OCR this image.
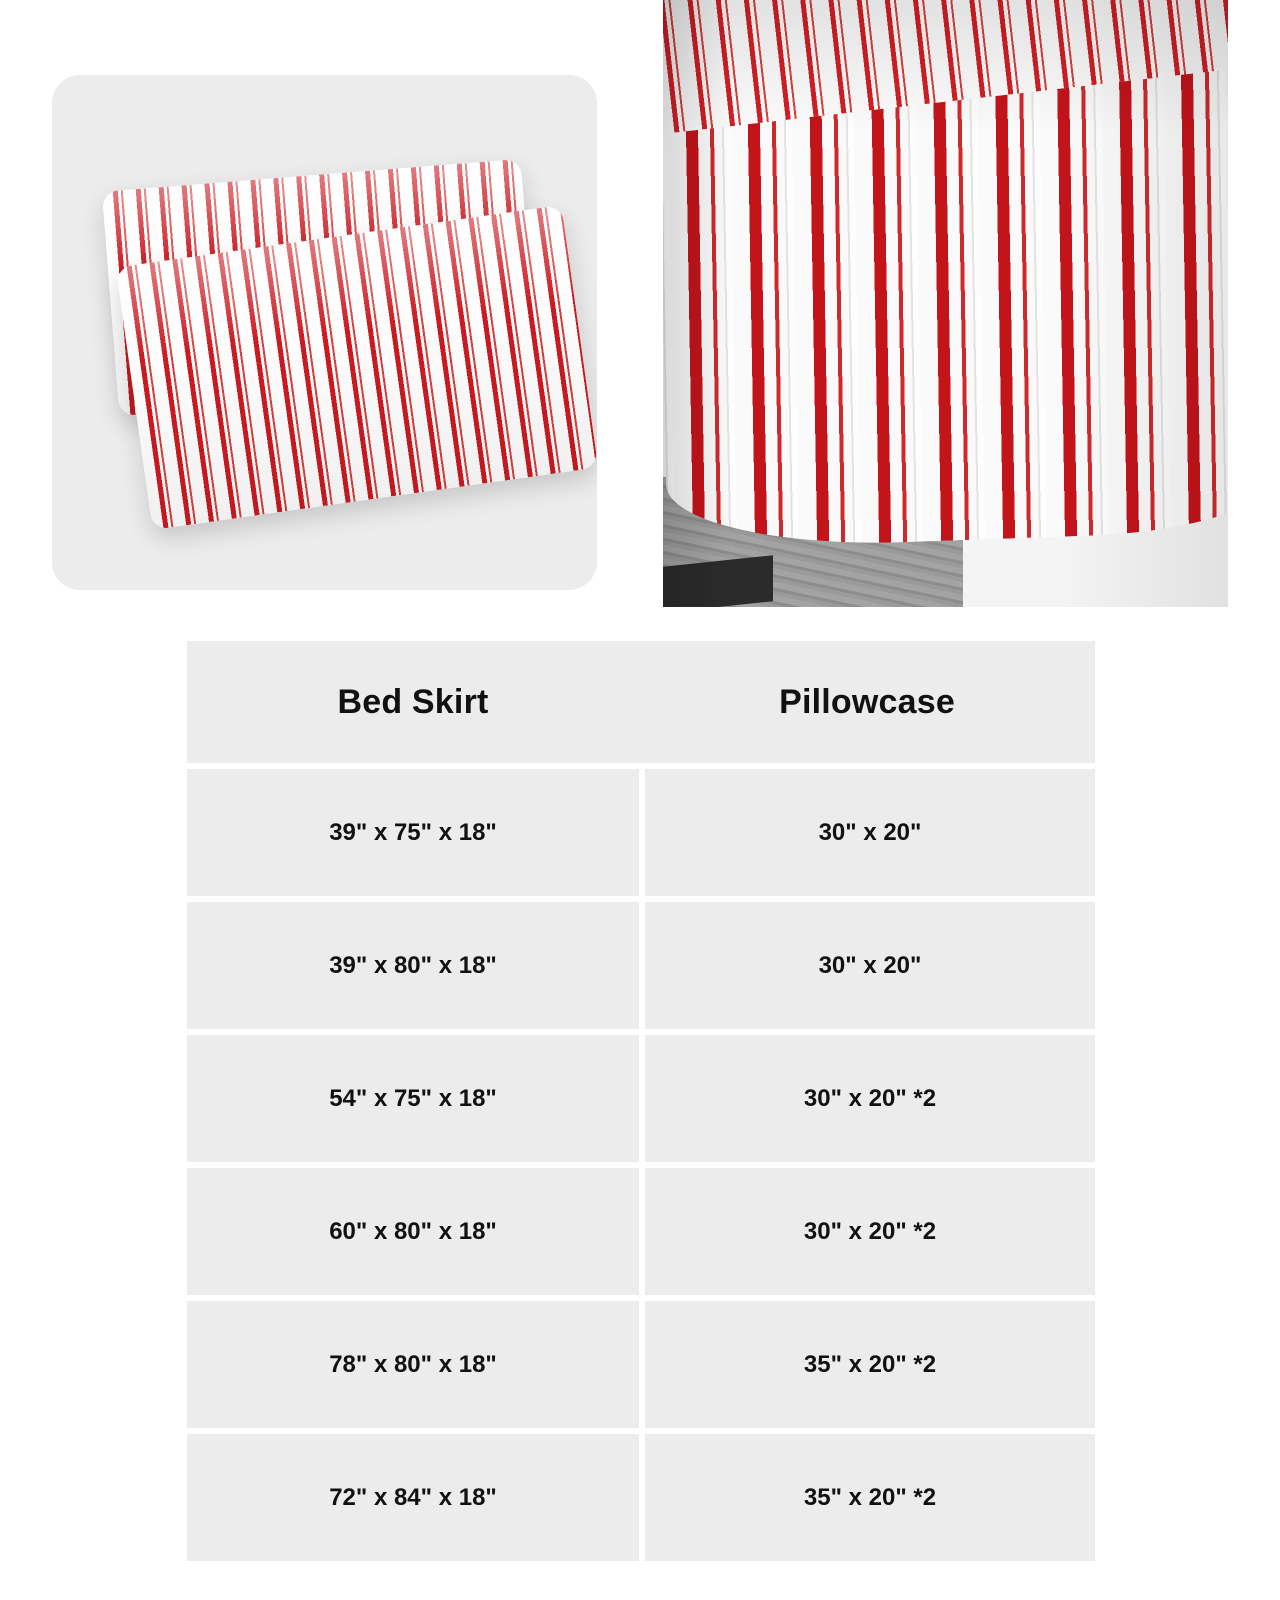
Bed Skirt	Pillowcase
39" x 75" x 18"	30" x 20"
39" x 80" x 18"	30" x 20"
54" x 75" x 18"	30" x 20" *2
60" x 80" x 18"	30" x 20" *2
78" x 80" x 18"	35" x 20" *2
72" x 84" x 18"	35" x 20" *2
